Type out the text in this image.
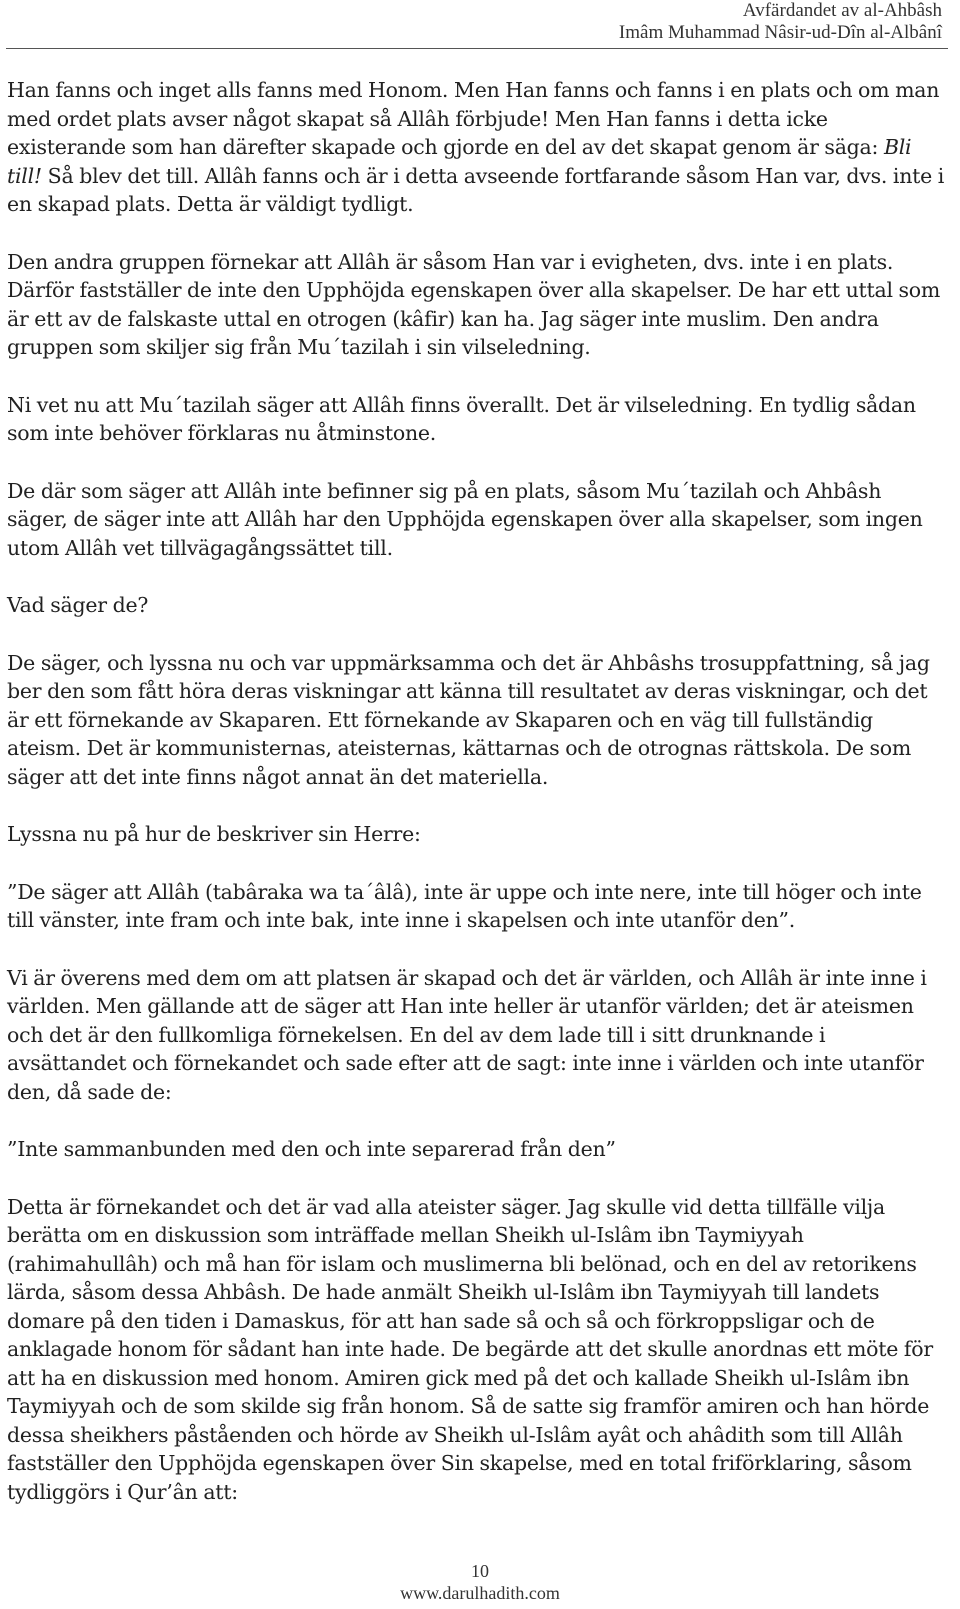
Avfärdandet av al-Ahbâsh
Imâm Muhammad Nâsir-ud-Dîn al-Albânî

Han fanns och inget alls fanns med Honom. Men Han fanns och fanns i en plats och om man med ordet plats avser något skapat så Allâh förbjude! Men Han fanns i detta icke existerande som han därefter skapade och gjorde en del av det skapat genom är säga: Bli till! Så blev det till. Allâh fanns och är i detta avseende fortfarande såsom Han var, dvs. inte i en skapad plats. Detta är väldigt tydligt.

Den andra gruppen förnekar att Allâh är såsom Han var i evigheten, dvs. inte i en plats. Därför fastställer de inte den Upphöjda egenskapen över alla skapelser. De har ett uttal som är ett av de falskaste uttal en otrogen (kâfir) kan ha. Jag säger inte muslim. Den andra gruppen som skiljer sig från Mu´tazilah i sin vilseledning.

Ni vet nu att Mu´tazilah säger att Allâh finns överallt. Det är vilseledning. En tydlig sådan som inte behöver förklaras nu åtminstone.

De där som säger att Allâh inte befinner sig på en plats, såsom Mu´tazilah och Ahbâsh säger, de säger inte att Allâh har den Upphöjda egenskapen över alla skapelser, som ingen utom Allâh vet tillvägagångssättet till.

Vad säger de?

De säger, och lyssna nu och var uppmärksamma och det är Ahbâshs trosuppfattning, så jag ber den som fått höra deras viskningar att känna till resultatet av deras viskningar, och det är ett förnekande av Skaparen. Ett förnekande av Skaparen och en väg till fullständig ateism. Det är kommunisternas, ateisternas, kättarnas och de otrognas rättskola. De som säger att det inte finns något annat än det materiella.

Lyssna nu på hur de beskriver sin Herre:

”De säger att Allâh (tabâraka wa ta´âlâ), inte är uppe och inte nere, inte till höger och inte till vänster, inte fram och inte bak, inte inne i skapelsen och inte utanför den”.

Vi är överens med dem om att platsen är skapad och det är världen, och Allâh är inte inne i världen. Men gällande att de säger att Han inte heller är utanför världen; det är ateismen och det är den fullkomliga förnekelsen. En del av dem lade till i sitt drunknande i avsättandet och förnekandet och sade efter att de sagt: inte inne i världen och inte utanför den, då sade de:

”Inte sammanbunden med den och inte separerad från den”

Detta är förnekandet och det är vad alla ateister säger. Jag skulle vid detta tillfälle vilja berätta om en diskussion som inträffade mellan Sheikh ul-Islâm ibn Taymiyyah (rahimahullâh) och må han för islam och muslimerna bli belönad, och en del av retorikens lärda, såsom dessa Ahbâsh. De hade anmält Sheikh ul-Islâm ibn Taymiyyah till landets domare på den tiden i Damaskus, för att han sade så och så och förkroppsligar och de anklagade honom för sådant han inte hade. De begärde att det skulle anordnas ett möte för att ha en diskussion med honom. Amiren gick med på det och kallade Sheikh ul-Islâm ibn Taymiyyah och de som skilde sig från honom. Så de satte sig framför amiren och han hörde dessa sheikhers påståenden och hörde av Sheikh ul-Islâm ayât och ahâdith som till Allâh fastställer den Upphöjda egenskapen över Sin skapelse, med en total friförklaring, såsom tydliggörs i Qur’ân att:

10
www.darulhadith.com
